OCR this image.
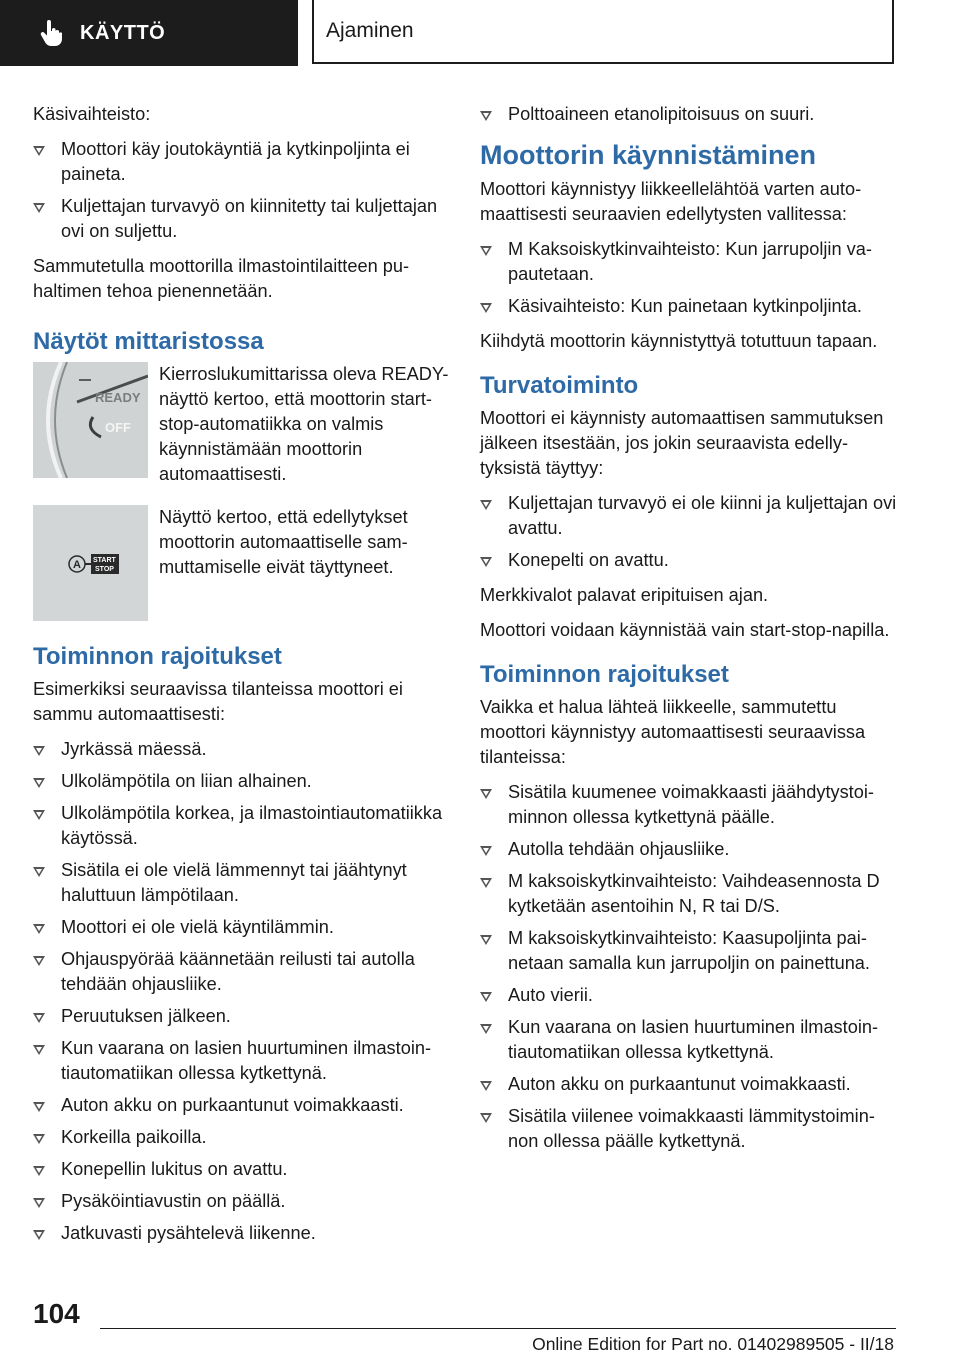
KÄYTTÖ	Ajaminen

Käsivaihteisto:

Moottori käy joutokäyntiä ja kytkinpoljinta ei paineta.
Kuljettajan turvavyö on kiinnitetty tai kuljettajan ovi on suljettu.

Sammutetulla moottorilla ilmastointilaitteen puhaltimen tehoa pienennetään.

Näytöt mittaristossa
READY
OFF
Kierroslukumittarissa oleva READY-näyttö kertoo, että moottorin start-stop-automatiikka on valmis käynnistämään moottorin automaattisesti.
A START
STOP
Näyttö kertoo, että edellytykset moottorin automaattiselle sammuttamiselle eivät täyttyneet.
Toiminnon rajoitukset

Esimerkiksi seuraavissa tilanteissa moottori ei sammu automaattisesti:

Jyrkässä mäessä.
Ulkolämpötila on liian alhainen.
Ulkolämpötila korkea, ja ilmastointiautomatiikka käytössä.
Sisätila ei ole vielä lämmennyt tai jäähtynyt haluttuun lämpötilaan.
Moottori ei ole vielä käyntilämmin.
Ohjauspyörää käännetään reilusti tai autolla tehdään ohjausliike.
Peruutuksen jälkeen.
Kun vaarana on lasien huurtuminen ilmastointiautomatiikan ollessa kytkettynä.
Auton akku on purkaantunut voimakkaasti.
Korkeilla paikoilla.
Konepellin lukitus on avattu.
Pysäköintiavustin on päällä.
Jatkuvasti pysähtelevä liikenne.
Polttoaineen etanolipitoisuus on suuri.
Moottorin käynnistäminen

Moottori käynnistyy liikkeellelähtöä varten automaattisesti seuraavien edellytysten vallitessa:

M Kaksoiskytkinvaihteisto: Kun jarrupoljin vapautetaan.
Käsivaihteisto: Kun painetaan kytkinpoljinta.

Kiihdytä moottorin käynnistyttyä totuttuun tapaan.

Turvatoiminto

Moottori ei käynnisty automaattisen sammutuksen jälkeen itsestään, jos jokin seuraavista edellytyksistä täyttyy:

Kuljettajan turvavyö ei ole kiinni ja kuljettajan ovi avattu.
Konepelti on avattu.

Merkkivalot palavat eripituisen ajan.

Moottori voidaan käynnistää vain start-stop-napilla.

Toiminnon rajoitukset

Vaikka et halua lähteä liikkeelle, sammutettu moottori käynnistyy automaattisesti seuraavissa tilanteissa:

Sisätila kuumenee voimakkaasti jäähdytystoiminnon ollessa kytkettynä päälle.
Autolla tehdään ohjausliike.
M kaksoiskytkinvaihteisto: Vaihdeasennosta D kytketään asentoihin N, R tai D/S.
M kaksoiskytkinvaihteisto: Kaasupoljinta painetaan samalla kun jarrupoljin on painettuna.
Auto vierii.
Kun vaarana on lasien huurtuminen ilmastointiautomatiikan ollessa kytkettynä.
Auton akku on purkaantunut voimakkaasti.
Sisätila viilenee voimakkaasti lämmitystoiminnon ollessa päälle kytkettynä.
104
Online Edition for Part no. 01402989505 - II/18
